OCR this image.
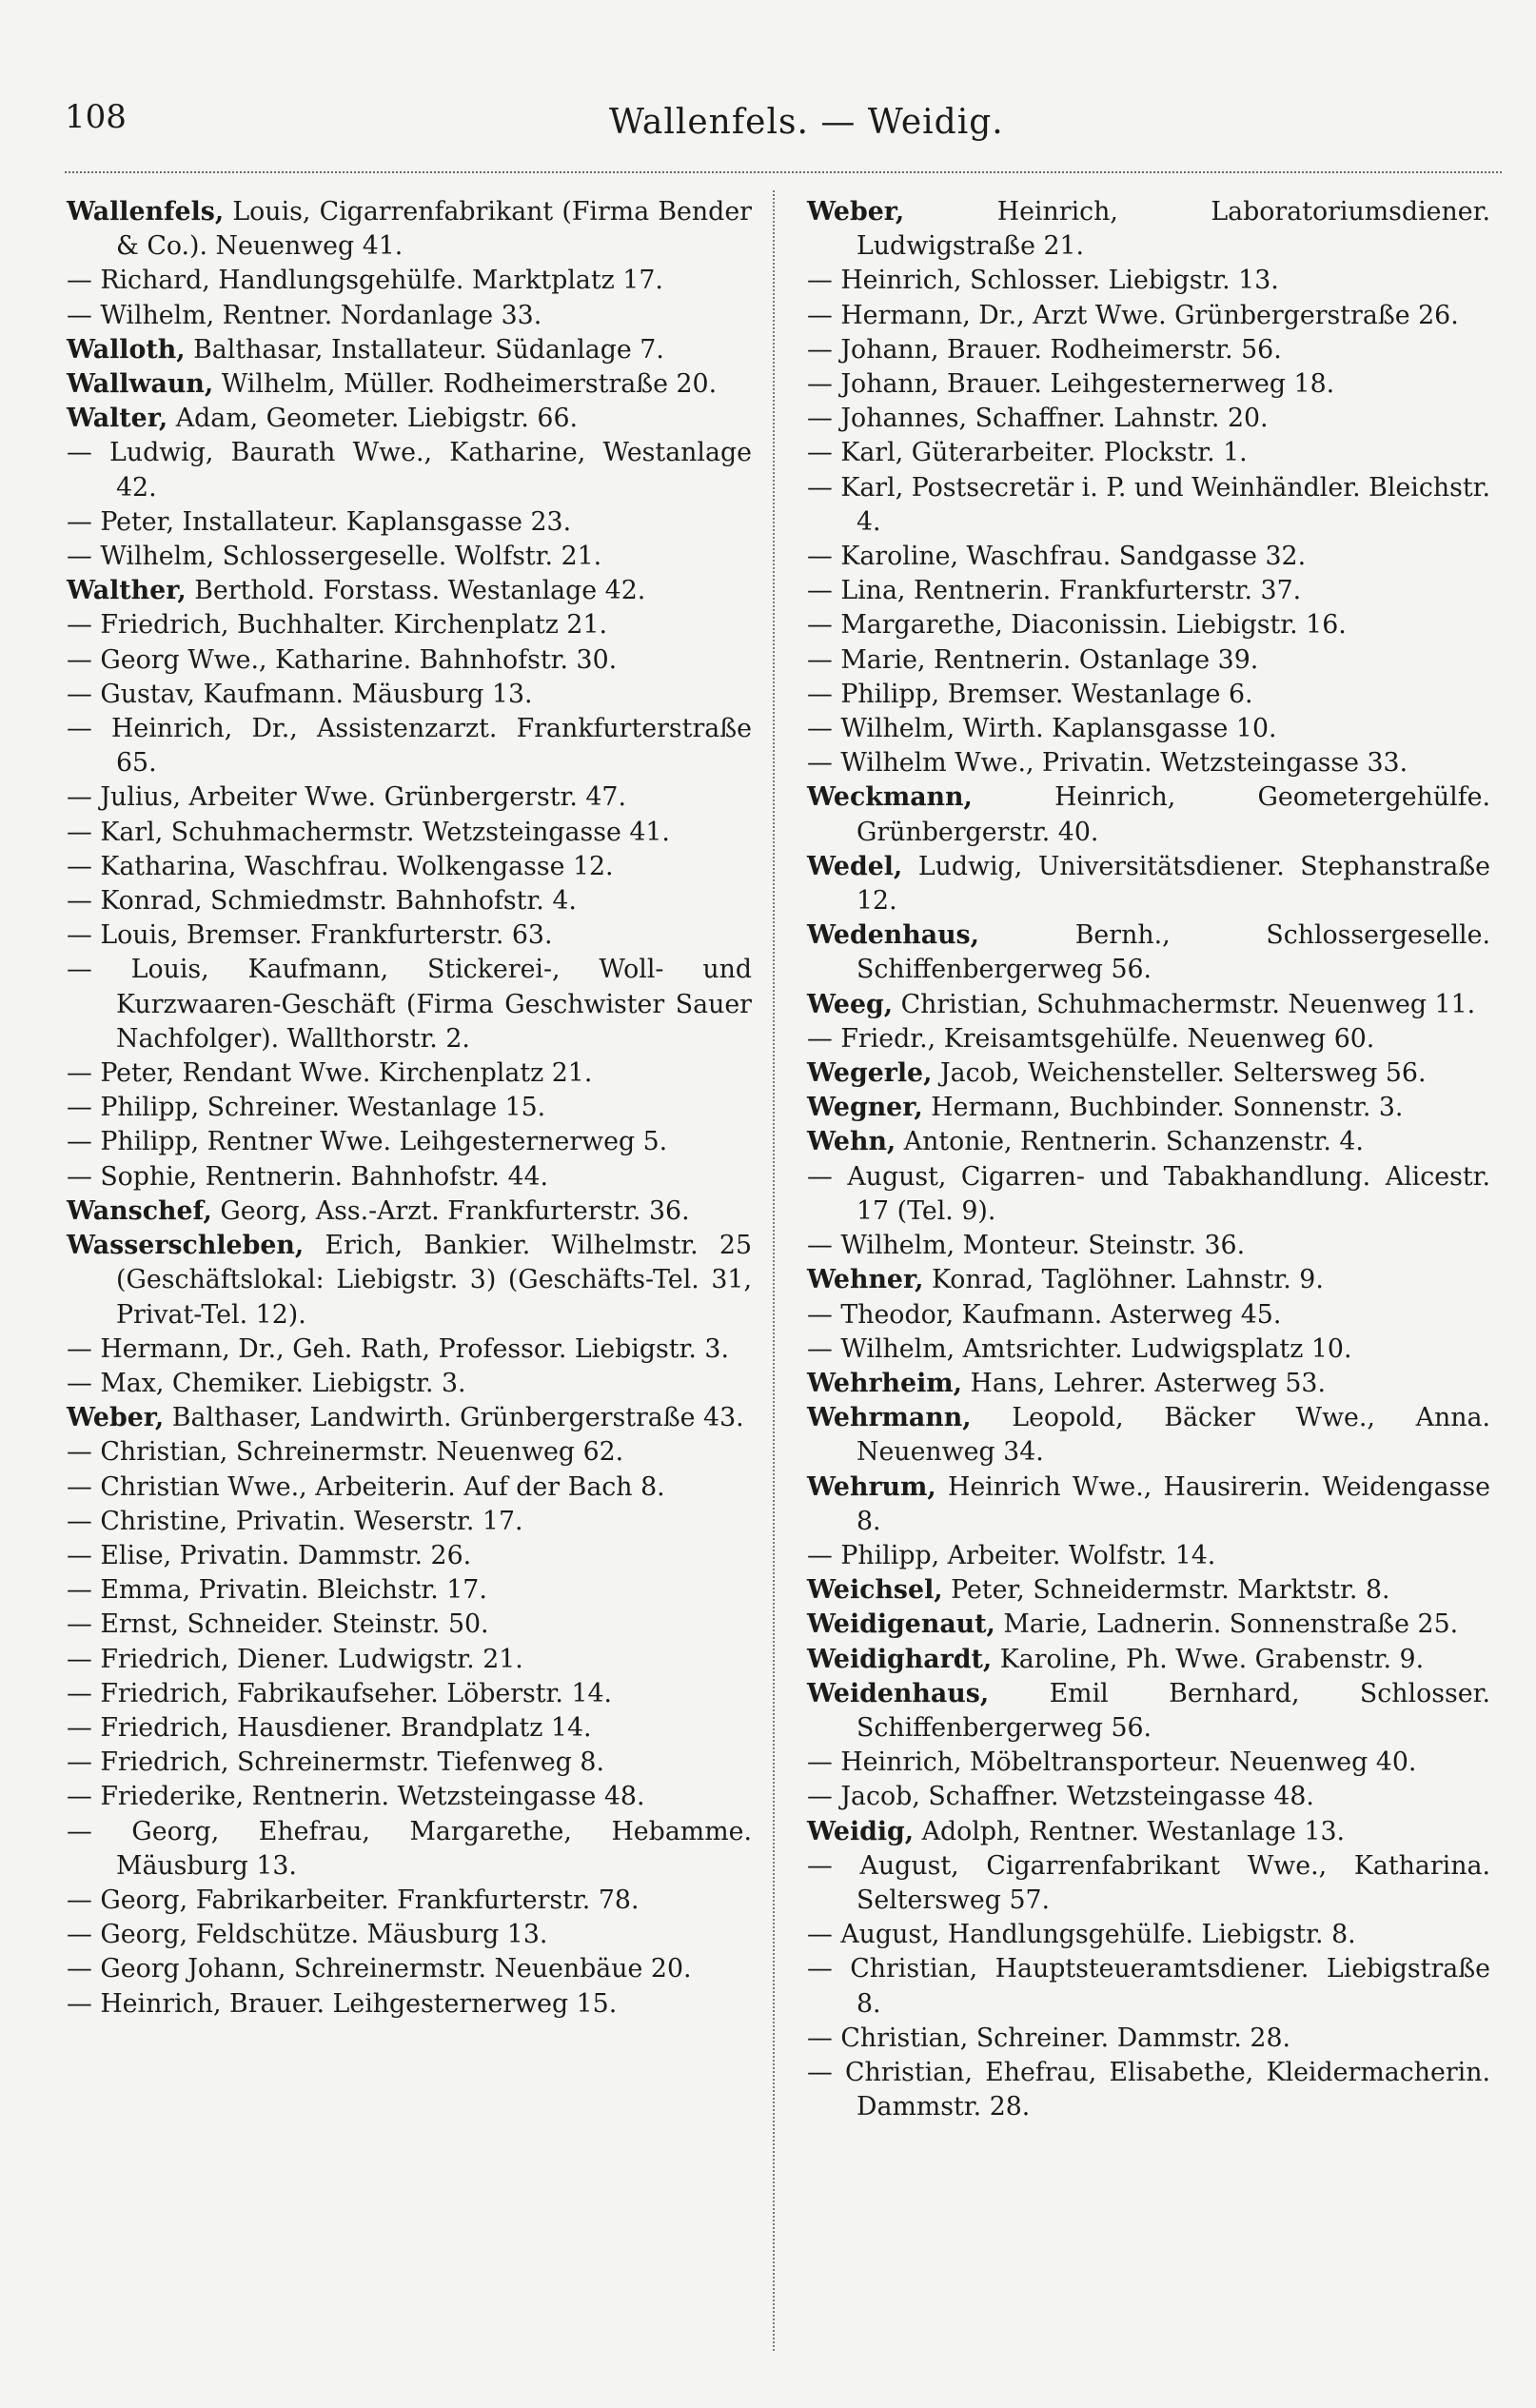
108	Wallenfels. — Weidig.

Wallenfels, Louis, Cigarrenfabrikant (Firma Bender & Co.). Neuenweg 41.

— Richard, Handlungsgehülfe. Marktplatz 17.

— Wilhelm, Rentner. Nordanlage 33.

Walloth, Balthasar, Installateur. Südanlage 7.

Wallwaun, Wilhelm, Müller. Rodheimerstraße 20.

Walter, Adam, Geometer. Liebigstr. 66.

— Ludwig, Baurath Wwe., Katharine, Westanlage 42.

— Peter, Installateur. Kaplansgasse 23.

— Wilhelm, Schlossergeselle. Wolfstr. 21.

Walther, Berthold. Forstass. Westanlage 42.

— Friedrich, Buchhalter. Kirchenplatz 21.

— Georg Wwe., Katharine. Bahnhofstr. 30.

— Gustav, Kaufmann. Mäusburg 13.

— Heinrich, Dr., Assistenzarzt. Frankfurterstraße 65.

— Julius, Arbeiter Wwe. Grünbergerstr. 47.

— Karl, Schuhmachermstr. Wetzsteingasse 41.

— Katharina, Waschfrau. Wolkengasse 12.

— Konrad, Schmiedmstr. Bahnhofstr. 4.

— Louis, Bremser. Frankfurterstr. 63.

— Louis, Kaufmann, Stickerei-, Woll- und Kurzwaaren-Geschäft (Firma Geschwister Sauer Nachfolger). Wallthorstr. 2.

— Peter, Rendant Wwe. Kirchenplatz 21.

— Philipp, Schreiner. Westanlage 15.

— Philipp, Rentner Wwe. Leihgesternerweg 5.

— Sophie, Rentnerin. Bahnhofstr. 44.

Wanschef, Georg, Ass.-Arzt. Frankfurterstr. 36.

Wasserschleben, Erich, Bankier. Wilhelmstr. 25 (Geschäftslokal: Liebigstr. 3) (Geschäfts-Tel. 31, Privat-Tel. 12).

— Hermann, Dr., Geh. Rath, Professor. Liebigstr. 3.

— Max, Chemiker. Liebigstr. 3.

Weber, Balthaser, Landwirth. Grünbergerstraße 43.

— Christian, Schreinermstr. Neuenweg 62.

— Christian Wwe., Arbeiterin. Auf der Bach 8.

— Christine, Privatin. Weserstr. 17.

— Elise, Privatin. Dammstr. 26.

— Emma, Privatin. Bleichstr. 17.

— Ernst, Schneider. Steinstr. 50.

— Friedrich, Diener. Ludwigstr. 21.

— Friedrich, Fabrikaufseher. Löberstr. 14.

— Friedrich, Hausdiener. Brandplatz 14.

— Friedrich, Schreinermstr. Tiefenweg 8.

— Friederike, Rentnerin. Wetzsteingasse 48.

— Georg, Ehefrau, Margarethe, Hebamme. Mäusburg 13.

— Georg, Fabrikarbeiter. Frankfurterstr. 78.

— Georg, Feldschütze. Mäusburg 13.

— Georg Johann, Schreinermstr. Neuenbäue 20.

— Heinrich, Brauer. Leihgesternerweg 15.

Weber, Heinrich, Laboratoriumsdiener. Ludwigstraße 21.

— Heinrich, Schlosser. Liebigstr. 13.

— Hermann, Dr., Arzt Wwe. Grünbergerstraße 26.

— Johann, Brauer. Rodheimerstr. 56.

— Johann, Brauer. Leihgesternerweg 18.

— Johannes, Schaffner. Lahnstr. 20.

— Karl, Güterarbeiter. Plockstr. 1.

— Karl, Postsecretär i. P. und Weinhändler. Bleichstr. 4.

— Karoline, Waschfrau. Sandgasse 32.

— Lina, Rentnerin. Frankfurterstr. 37.

— Margarethe, Diaconissin. Liebigstr. 16.

— Marie, Rentnerin. Ostanlage 39.

— Philipp, Bremser. Westanlage 6.

— Wilhelm, Wirth. Kaplansgasse 10.

— Wilhelm Wwe., Privatin. Wetzsteingasse 33.

Weckmann, Heinrich, Geometergehülfe. Grünbergerstr. 40.

Wedel, Ludwig, Universitätsdiener. Stephanstraße 12.

Wedenhaus, Bernh., Schlossergeselle. Schiffenbergerweg 56.

Weeg, Christian, Schuhmachermstr. Neuenweg 11.

— Friedr., Kreisamtsgehülfe. Neuenweg 60.

Wegerle, Jacob, Weichensteller. Seltersweg 56.

Wegner, Hermann, Buchbinder. Sonnenstr. 3.

Wehn, Antonie, Rentnerin. Schanzenstr. 4.

— August, Cigarren- und Tabakhandlung. Alicestr. 17 (Tel. 9).

— Wilhelm, Monteur. Steinstr. 36.

Wehner, Konrad, Taglöhner. Lahnstr. 9.

— Theodor, Kaufmann. Asterweg 45.

— Wilhelm, Amtsrichter. Ludwigsplatz 10.

Wehrheim, Hans, Lehrer. Asterweg 53.

Wehrmann, Leopold, Bäcker Wwe., Anna. Neuenweg 34.

Wehrum, Heinrich Wwe., Hausirerin. Weidengasse 8.

— Philipp, Arbeiter. Wolfstr. 14.

Weichsel, Peter, Schneidermstr. Marktstr. 8.

Weidigenaut, Marie, Ladnerin. Sonnenstraße 25.

Weidighardt, Karoline, Ph. Wwe. Grabenstr. 9.

Weidenhaus, Emil Bernhard, Schlosser. Schiffenbergerweg 56.

— Heinrich, Möbeltransporteur. Neuenweg 40.

— Jacob, Schaffner. Wetzsteingasse 48.

Weidig, Adolph, Rentner. Westanlage 13.

— August, Cigarrenfabrikant Wwe., Katharina. Seltersweg 57.

— August, Handlungsgehülfe. Liebigstr. 8.

— Christian, Hauptsteueramtsdiener. Liebigstraße 8.

— Christian, Schreiner. Dammstr. 28.

— Christian, Ehefrau, Elisabethe, Kleidermacherin. Dammstr. 28.
